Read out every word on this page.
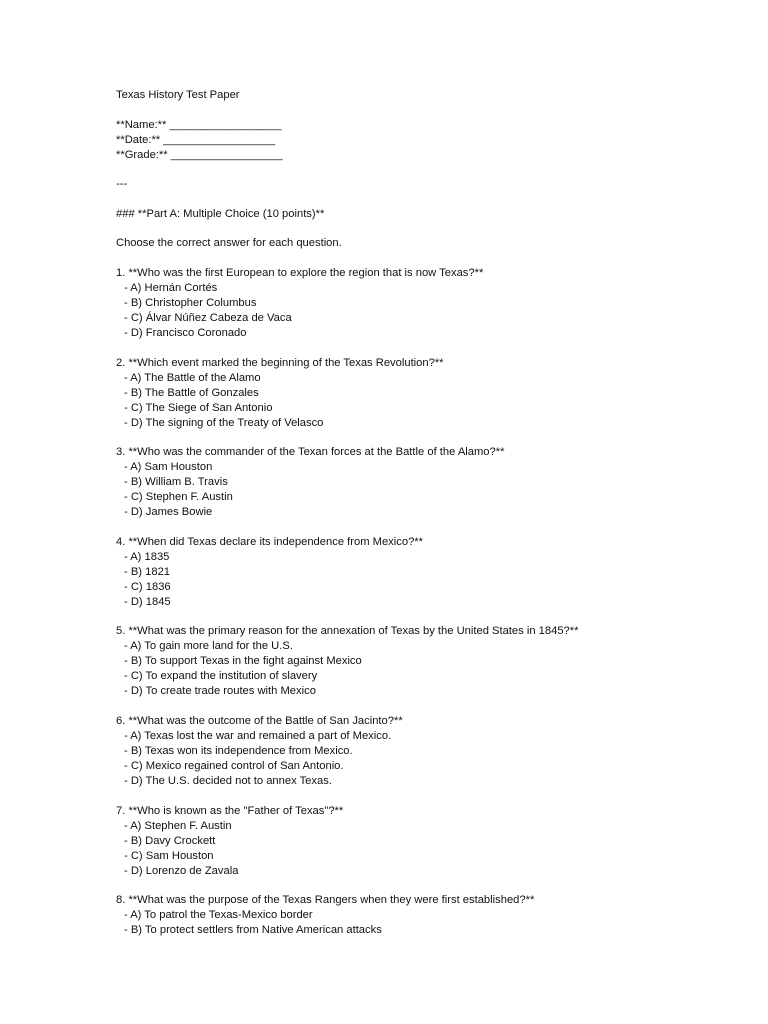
Texas History Test Paper
**Name:** __________________
**Date:** __________________
**Grade:** __________________
---
### **Part A: Multiple Choice (10 points)**
Choose the correct answer for each question.
1. **Who was the first European to explore the region that is now Texas?**
- A) Hernán Cortés
- B) Christopher Columbus
- C) Álvar Núñez Cabeza de Vaca
- D) Francisco Coronado
2. **Which event marked the beginning of the Texas Revolution?**
- A) The Battle of the Alamo
- B) The Battle of Gonzales
- C) The Siege of San Antonio
- D) The signing of the Treaty of Velasco
3. **Who was the commander of the Texan forces at the Battle of the Alamo?**
- A) Sam Houston
- B) William B. Travis
- C) Stephen F. Austin
- D) James Bowie
4. **When did Texas declare its independence from Mexico?**
- A) 1835
- B) 1821
- C) 1836
- D) 1845
5. **What was the primary reason for the annexation of Texas by the United States in 1845?**
- A) To gain more land for the U.S.
- B) To support Texas in the fight against Mexico
- C) To expand the institution of slavery
- D) To create trade routes with Mexico
6. **What was the outcome of the Battle of San Jacinto?**
- A) Texas lost the war and remained a part of Mexico.
- B) Texas won its independence from Mexico.
- C) Mexico regained control of San Antonio.
- D) The U.S. decided not to annex Texas.
7. **Who is known as the "Father of Texas"?**
- A) Stephen F. Austin
- B) Davy Crockett
- C) Sam Houston
- D) Lorenzo de Zavala
8. **What was the purpose of the Texas Rangers when they were first established?**
- A) To patrol the Texas-Mexico border
- B) To protect settlers from Native American attacks
